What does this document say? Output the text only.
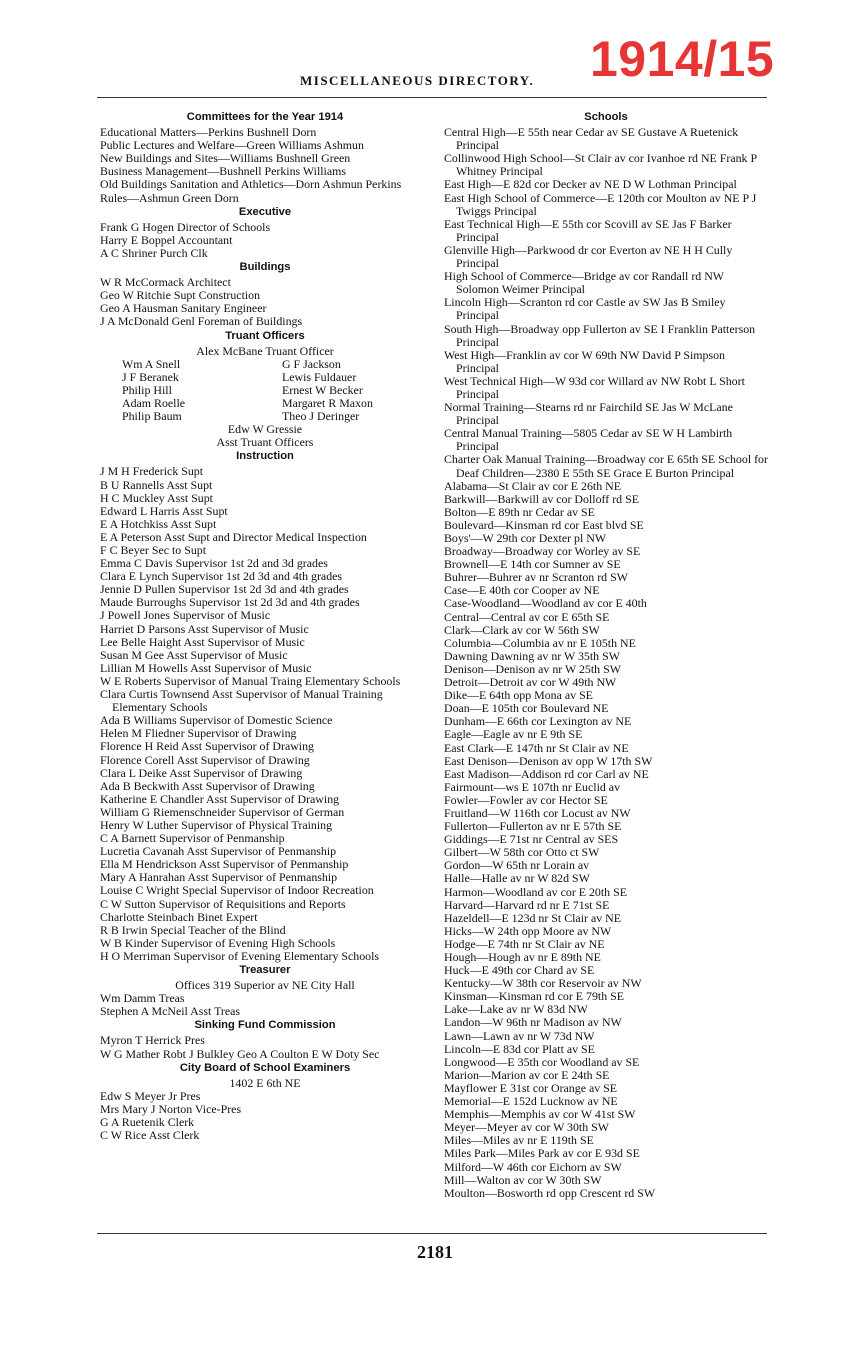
1914/15
MISCELLANEOUS DIRECTORY.
Committees for the Year 1914
Educational Matters—Perkins Bushnell Dorn
Public Lectures and Welfare—Green Williams Ashmun
New Buildings and Sites—Williams Bushnell Green
Business Management—Bushnell Perkins Williams
Old Buildings Sanitation and Athletics—Dorn Ashmun Perkins
Rules—Ashmun Green Dorn
Executive
Frank G Hogen Director of Schools
Harry E Boppel Accountant
A C Shriner Purch Clk
Buildings
W R McCormack Architect
Geo W Ritchie Supt Construction
Geo A Hausman Sanitary Engineer
J A McDonald Genl Foreman of Buildings
Truant Officers
Alex McBane Truant Officer
Wm A Snell	G F Jackson
J F Beranek	Lewis Fuldauer
Philip Hill	Ernest W Becker
Adam Roelle	Margaret R Maxon
Philip Baum	Theo J Deringer
Edw W Gressie
Asst Truant Officers
Instruction
J M H Frederick Supt
B U Rannells Asst Supt
H C Muckley Asst Supt
Edward L Harris Asst Supt
E A Hotchkiss Asst Supt
E A Peterson Asst Supt and Director Medical Inspection
F C Beyer Sec to Supt
Emma C Davis Supervisor 1st 2d and 3d grades
Clara E Lynch Supervisor 1st 2d 3d and 4th grades
Jennie D Pullen Supervisor 1st 2d 3d and 4th grades
Maude Burroughs Supervisor 1st 2d 3d and 4th grades
J Powell Jones Supervisor of Music
Harriet D Parsons Asst Supervisor of Music
Lee Belle Haight Asst Supervisor of Music
Susan M Gee Asst Supervisor of Music
Lillian M Howells Asst Supervisor of Music
W E Roberts Supervisor of Manual Traing Elementary Schools
Clara Curtis Townsend Asst Supervisor of Manual Training Elementary Schools
Ada B Williams Supervisor of Domestic Science
Helen M Fliedner Supervisor of Drawing
Florence H Reid Asst Supervisor of Drawing
Florence Corell Asst Supervisor of Drawing
Clara L Deike Asst Supervisor of Drawing
Ada B Beckwith Asst Supervisor of Drawing
Katherine E Chandler Asst Supervisor of Drawing
William G Riemenschneider Supervisor of German
Henry W Luther Supervisor of Physical Training
C A Barnett Supervisor of Penmanship
Lucretia Cavanah Asst Supervisor of Penmanship
Ella M Hendrickson Asst Supervisor of Penmanship
Mary A Hanrahan Asst Supervisor of Penmanship
Louise C Wright Special Supervisor of Indoor Recreation
C W Sutton Supervisor of Requisitions and Reports
Charlotte Steinbach Binet Expert
R B Irwin Special Teacher of the Blind
W B Kinder Supervisor of Evening High Schools
H O Merriman Supervisor of Evening Elementary Schools
Treasurer
Offices 319 Superior av NE City Hall
Wm Damm Treas
Stephen A McNeil Asst Treas
Sinking Fund Commission
Myron T Herrick Pres
W G Mather Robt J Bulkley Geo A Coulton E W Doty Sec
City Board of School Examiners
1402 E 6th NE
Edw S Meyer Jr Pres
Mrs Mary J Norton Vice-Pres
G A Ruetenik Clerk
C W Rice Asst Clerk
Schools
Central High—E 55th near Cedar av SE Gustave A Ruetenick Principal
Collinwood High School—St Clair av cor Ivanhoe rd NE Frank P Whitney Principal
East High—E 82d cor Decker av NE D W Lothman Principal
East High School of Commerce—E 120th cor Moulton av NE P J Twiggs Principal
East Technical High—E 55th cor Scovill av SE Jas F Barker Principal
Glenville High—Parkwood dr cor Everton av NE H H Cully Principal
High School of Commerce—Bridge av cor Randall rd NW Solomon Weimer Principal
Lincoln High—Scranton rd cor Castle av SW Jas B Smiley Principal
South High—Broadway opp Fullerton av SE I Franklin Patterson Principal
West High—Franklin av cor W 69th NW David P Simpson Principal
West Technical High—W 93d cor Willard av NW Robt L Short Principal
Normal Training—Stearns rd nr Fairchild SE Jas W McLane Principal
Central Manual Training—5805 Cedar av SE W H Lambirth Principal
Charter Oak Manual Training—Broadway cor E 65th SE School for Deaf Children—2380 E 55th SE Grace E Burton Principal
Alabama—St Clair av cor E 26th NE
Barkwill—Barkwill av cor Dolloff rd SE
Bolton—E 89th nr Cedar av SE
Boulevard—Kinsman rd cor East blvd SE
Boys'—W 29th cor Dexter pl NW
Broadway—Broadway cor Worley av SE
Brownell—E 14th cor Sumner av SE
Buhrer—Buhrer av nr Scranton rd SW
Case—E 40th cor Cooper av NE
Case-Woodland—Woodland av cor E 40th
Central—Central av cor E 65th SE
Clark—Clark av cor W 56th SW
Columbia—Columbia av nr E 105th NE
Dawning Dawning av nr W 35th SW
Denison—Denison av nr W 25th SW
Detroit—Detroit av cor W 49th NW
Dike—E 64th opp Mona av SE
Doan—E 105th cor Boulevard NE
Dunham—E 66th cor Lexington av NE
Eagle—Eagle av nr E 9th SE
East Clark—E 147th nr St Clair av NE
East Denison—Denison av opp W 17th SW
East Madison—Addison rd cor Carl av NE
Fairmount—ws E 107th nr Euclid av
Fowler—Fowler av cor Hector SE
Fruitland—W 116th cor Locust av NW
Fullerton—Fullerton av nr E 57th SE
Giddings—E 71st nr Central av SES
Gilbert—W 58th cor Otto ct SW
Gordon—W 65th nr Lorain av
Halle—Halle av nr W 82d SW
Harmon—Woodland av cor E 20th SE
Harvard—Harvard rd nr E 71st SE
Hazeldell—E 123d nr St Clair av NE
Hicks—W 24th opp Moore av NW
Hodge—E 74th nr St Clair av NE
Hough—Hough av nr E 89th NE
Huck—E 49th cor Chard av SE
Kentucky—W 38th cor Reservoir av NW
Kinsman—Kinsman rd cor E 79th SE
Lake—Lake av nr W 83d NW
Landon—W 96th nr Madison av NW
Lawn—Lawn av nr W 73d NW
Lincoln—E 83d cor Platt av SE
Longwood—E 35th cor Woodland av SE
Marion—Marion av cor E 24th SE
Mayflower E 31st cor Orange av SE
Memorial—E 152d Lucknow av NE
Memphis—Memphis av cor W 41st SW
Meyer—Meyer av cor W 30th SW
Miles—Miles av nr E 119th SE
Miles Park—Miles Park av cor E 93d SE
Milford—W 46th cor Eichorn av SW
Mill—Walton av cor W 30th SW
Moulton—Bosworth rd opp Crescent rd SW
2181
